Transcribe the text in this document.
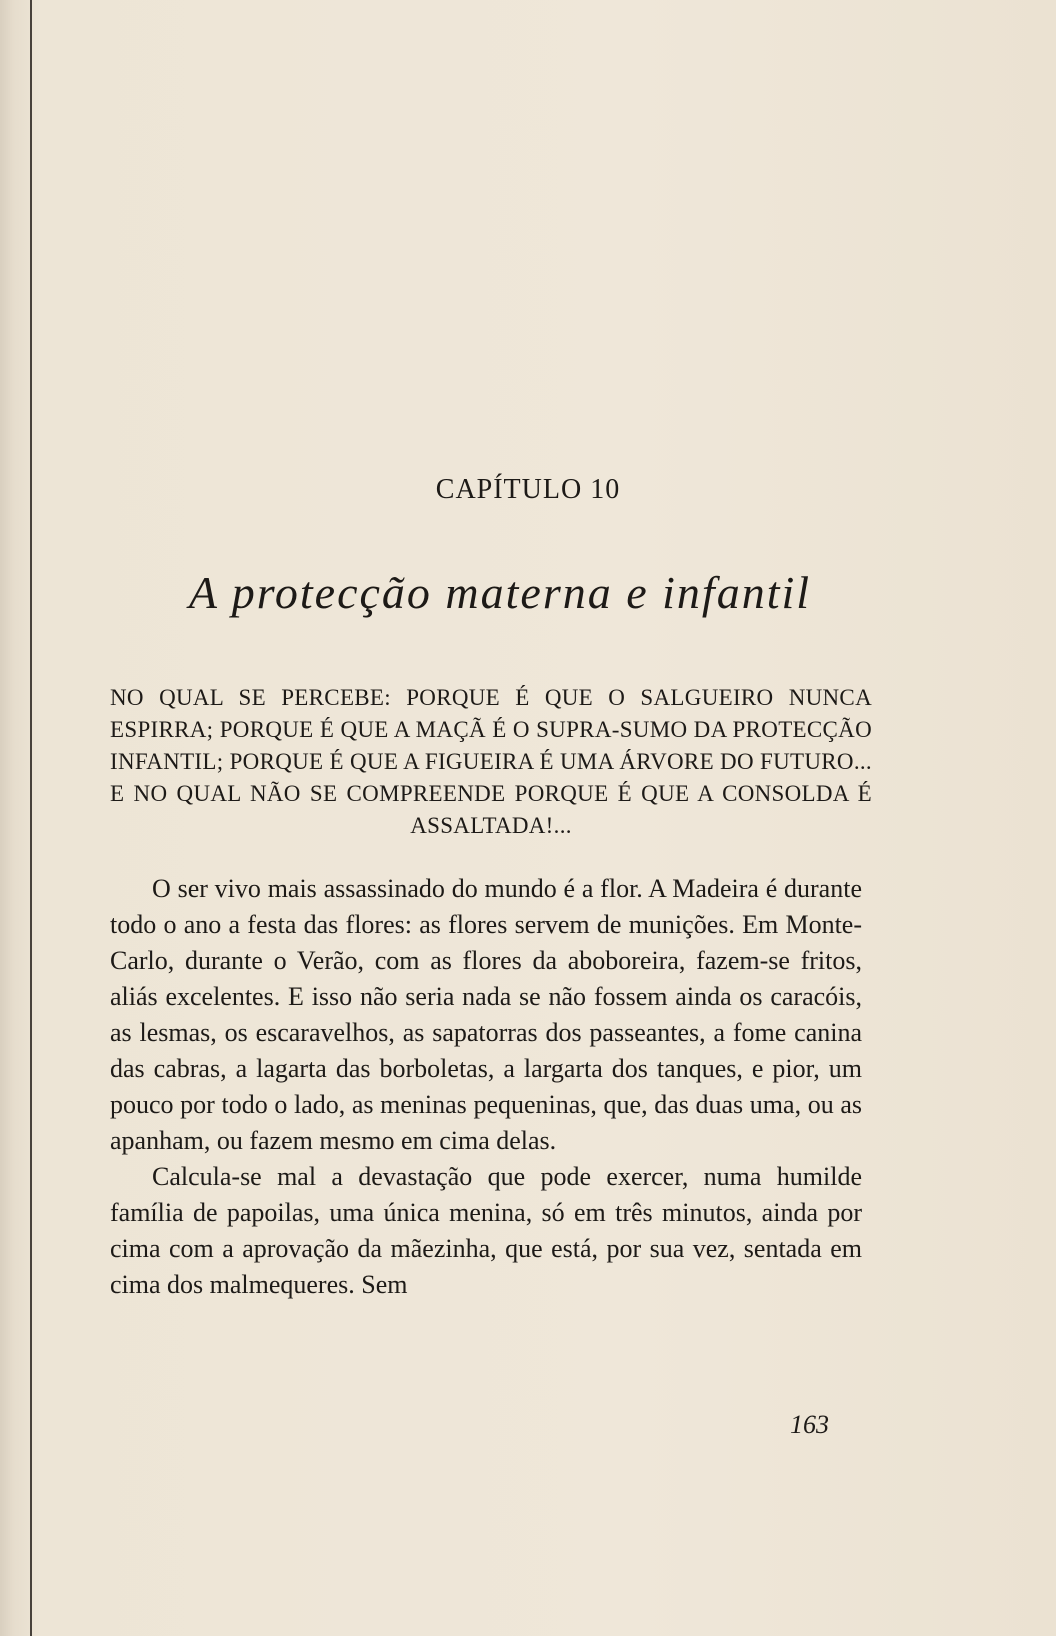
CAPÍTULO 10
A protecção materna e infantil
NO QUAL SE PERCEBE: PORQUE É QUE O SALGUEIRO NUNCA ESPIRRA; PORQUE É QUE A MAÇÃ É O SUPRA-SUMO DA PROTECÇÃO INFANTIL; PORQUE É QUE A FIGUEIRA É UMA ÁRVORE DO FUTURO... E NO QUAL NÃO SE COMPREENDE PORQUE É QUE A CONSOLDA É ASSALTADA!...

O ser vivo mais assassinado do mundo é a flor. A Madeira é durante todo o ano a festa das flores: as flores servem de munições. Em Monte-Carlo, durante o Verão, com as flores da aboboreira, fazem-se fritos, aliás excelentes. E isso não seria nada se não fossem ainda os caracóis, as lesmas, os escaravelhos, as sapatorras dos passeantes, a fome canina das cabras, a lagarta das borboletas, a largarta dos tanques, e pior, um pouco por todo o lado, as meninas pequeninas, que, das duas uma, ou as apanham, ou fazem mesmo em cima delas.

Calcula-se mal a devastação que pode exercer, numa humilde família de papoilas, uma única menina, só em três minutos, ainda por cima com a aprovação da mãezinha, que está, por sua vez, sentada em cima dos malmequeres. Sem

163
